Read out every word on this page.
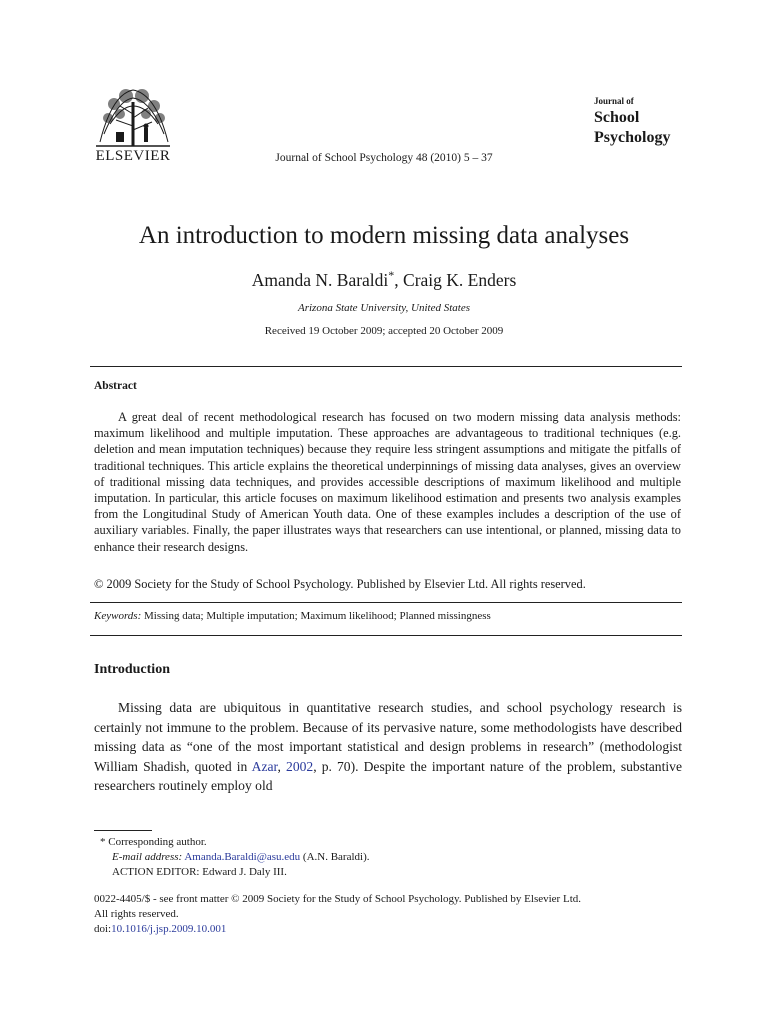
ELSEVIER	Journal of School Psychology 48 (2010) 5 – 37
Journal of
School
Psychology
An introduction to modern missing data analyses
Amanda N. Baraldi*, Craig K. Enders
Arizona State University, United States
Received 19 October 2009; accepted 20 October 2009
Abstract

A great deal of recent methodological research has focused on two modern missing data analysis methods: maximum likelihood and multiple imputation. These approaches are advantageous to traditional techniques (e.g. deletion and mean imputation techniques) because they require less stringent assumptions and mitigate the pitfalls of traditional techniques. This article explains the theoretical underpinnings of missing data analyses, gives an overview of traditional missing data techniques, and provides accessible descriptions of maximum likelihood and multiple imputation. In particular, this article focuses on maximum likelihood estimation and presents two analysis examples from the Longitudinal Study of American Youth data. One of these examples includes a description of the use of auxiliary variables. Finally, the paper illustrates ways that researchers can use intentional, or planned, missing data to enhance their research designs.

© 2009 Society for the Study of School Psychology. Published by Elsevier Ltd. All rights reserved.
Keywords: Missing data; Multiple imputation; Maximum likelihood; Planned missingness
Introduction

Missing data are ubiquitous in quantitative research studies, and school psychology research is certainly not immune to the problem. Because of its pervasive nature, some methodologists have described missing data as “one of the most important statistical and design problems in research” (methodologist William Shadish, quoted in Azar, 2002, p. 70). Despite the important nature of the problem, substantive researchers routinely employ old

* Corresponding author.
E-mail address: Amanda.Baraldi@asu.edu (A.N. Baraldi).
ACTION EDITOR: Edward J. Daly III.
0022-4405/$ - see front matter © 2009 Society for the Study of School Psychology. Published by Elsevier Ltd.
All rights reserved.
doi:10.1016/j.jsp.2009.10.001
